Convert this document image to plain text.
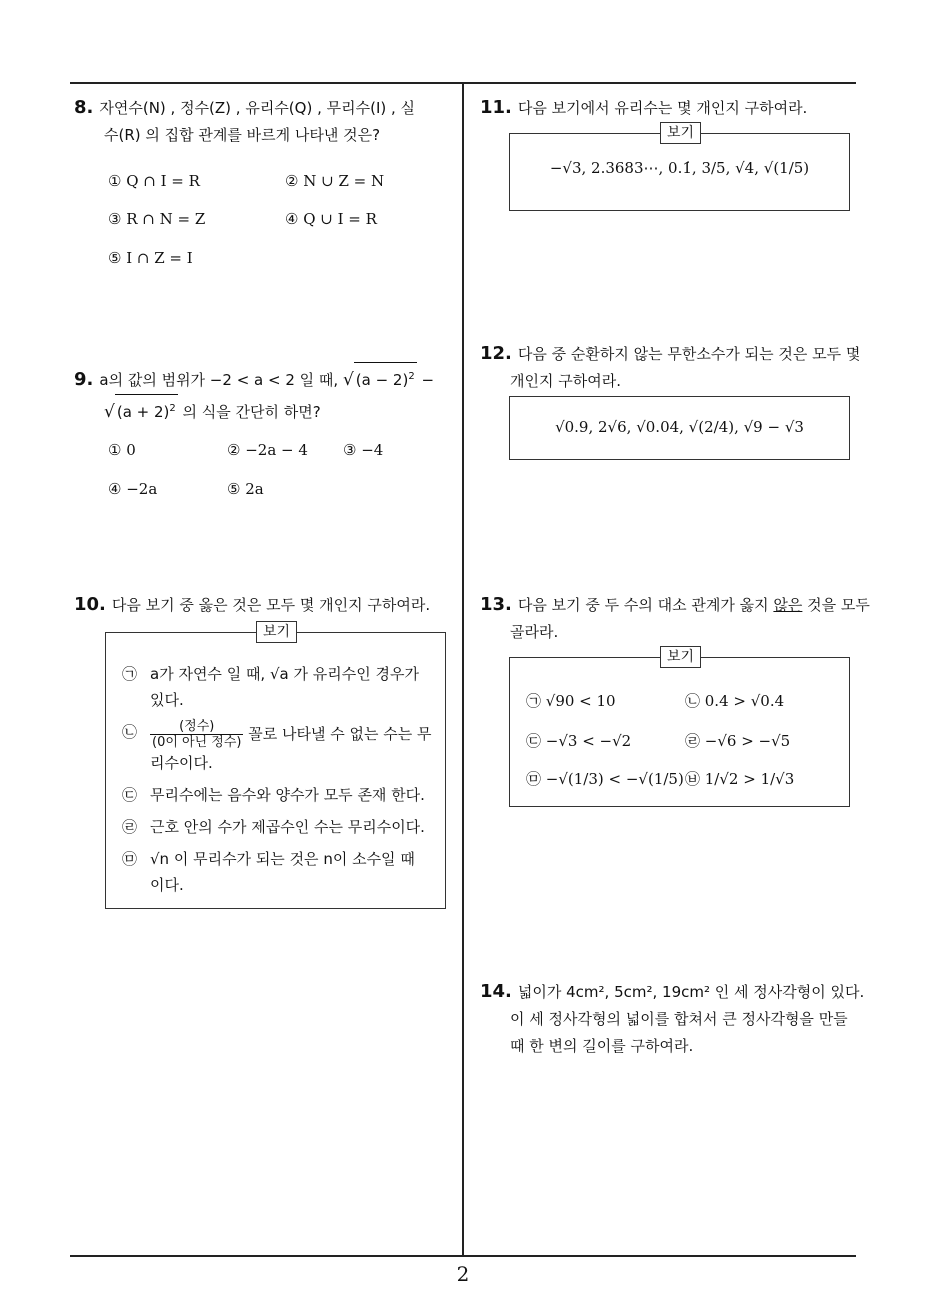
2
8. 자연수(N) , 정수(Z) , 유리수(Q) , 무리수(I) , 실
수(R) 의 집합 관계를 바르게 나타낸 것은?
① Q ∩ I = R	② N ∪ Z = N
③ R ∩ N = Z	④ Q ∪ I = R
⑤ I ∩ Z = I
9. a의 값의 범위가 −2 < a < 2 일 때, √ $(a - 2)^2$ −
√ $(a + 2)^2$ 의 식을 간단히 하면?
① 0	② −2a − 4 ③ −4
④ −2a	⑤ 2a
10. 다음 보기 중 옳은 것은 모두 몇 개인지 구하여라.
보기
㉠ a가 자연수 일 때, √a 가 유리수인 경우가 있다.
㉡ $\frac{\text{(정수)}}{\text{(0이 아닌 정수)}}$ 꼴로 나타낼 수 없는 수는 무리수이다.
㉢ 무리수에는 음수와 양수가 모두 존재 한다.
㉣ 근호 안의 수가 제곱수인 수는 무리수이다.
㉤ √n 이 무리수가 되는 것은 n이 소수일 때 이다.
11. 다음 보기에서 유리수는 몇 개인지 구하여라.
보기
−√3, 2.3683⋯, 0.1̇, 3/5, √4, √(1/5)
12. 다음 중 순환하지 않는 무한소수가 되는 것은 모두 몇
개인지 구하여라.
√0.9, 2√6, √0.04, √(2/4), √9 − √3
13. 다음 보기 중 두 수의 대소 관계가 옳지 않은 것을 모두
골라라.
보기
㉠ √90 < 10	㉡ 0.4 > √0.4
㉢ −√3 < −√2	㉣ −√6 > −√5
㉤ −√(1/3) < −√(1/5) ㉥ 1/√2 > 1/√3
14. 넓이가 4cm², 5cm², 19cm² 인 세 정사각형이 있다.
이 세 정사각형의 넓이를 합쳐서 큰 정사각형을 만들
때 한 변의 길이를 구하여라.
